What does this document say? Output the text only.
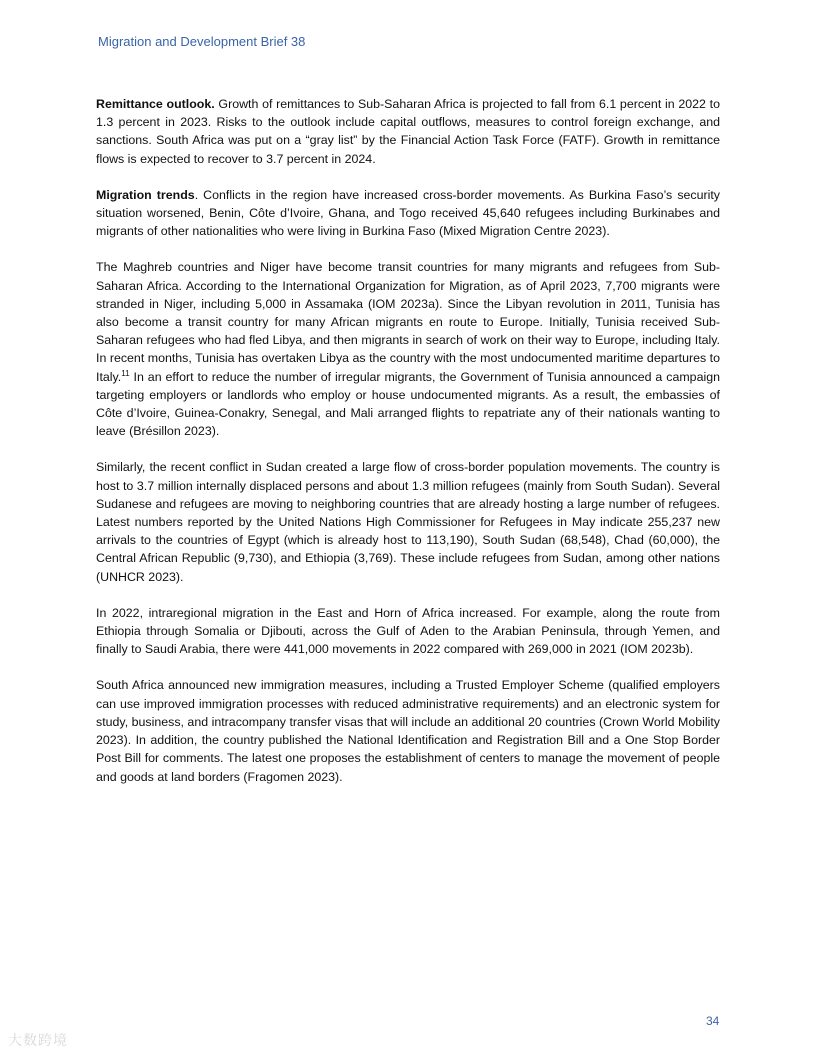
Migration and Development Brief 38

Remittance outlook. Growth of remittances to Sub-Saharan Africa is projected to fall from 6.1 percent in 2022 to 1.3 percent in 2023. Risks to the outlook include capital outflows, measures to control foreign exchange, and sanctions. South Africa was put on a “gray list” by the Financial Action Task Force (FATF). Growth in remittance flows is expected to recover to 3.7 percent in 2024.

Migration trends. Conflicts in the region have increased cross-border movements. As Burkina Faso’s security situation worsened, Benin, Côte d’Ivoire, Ghana, and Togo received 45,640 refugees including Burkinabes and migrants of other nationalities who were living in Burkina Faso (Mixed Migration Centre 2023).

The Maghreb countries and Niger have become transit countries for many migrants and refugees from Sub-Saharan Africa. According to the International Organization for Migration, as of April 2023, 7,700 migrants were stranded in Niger, including 5,000 in Assamaka (IOM 2023a). Since the Libyan revolution in 2011, Tunisia has also become a transit country for many African migrants en route to Europe. Initially, Tunisia received Sub-Saharan refugees who had fled Libya, and then migrants in search of work on their way to Europe, including Italy. In recent months, Tunisia has overtaken Libya as the country with the most undocumented maritime departures to Italy.$^{11}$ In an effort to reduce the number of irregular migrants, the Government of Tunisia announced a campaign targeting employers or landlords who employ or house undocumented migrants. As a result, the embassies of Côte d’Ivoire, Guinea-Conakry, Senegal, and Mali arranged flights to repatriate any of their nationals wanting to leave (Brésillon 2023).

Similarly, the recent conflict in Sudan created a large flow of cross-border population movements. The country is host to 3.7 million internally displaced persons and about 1.3 million refugees (mainly from South Sudan). Several Sudanese and refugees are moving to neighboring countries that are already hosting a large number of refugees. Latest numbers reported by the United Nations High Commissioner for Refugees in May indicate 255,237 new arrivals to the countries of Egypt (which is already host to 113,190), South Sudan (68,548), Chad (60,000), the Central African Republic (9,730), and Ethiopia (3,769). These include refugees from Sudan, among other nations (UNHCR 2023).

In 2022, intraregional migration in the East and Horn of Africa increased. For example, along the route from Ethiopia through Somalia or Djibouti, across the Gulf of Aden to the Arabian Peninsula, through Yemen, and finally to Saudi Arabia, there were 441,000 movements in 2022 compared with 269,000 in 2021 (IOM 2023b).

South Africa announced new immigration measures, including a Trusted Employer Scheme (qualified employers can use improved immigration processes with reduced administrative requirements) and an electronic system for study, business, and intracompany transfer visas that will include an additional 20 countries (Crown World Mobility 2023). In addition, the country published the National Identification and Registration Bill and a One Stop Border Post Bill for comments. The latest one proposes the establishment of centers to manage the movement of people and goods at land borders (Fragomen 2023).

34
大数跨境
